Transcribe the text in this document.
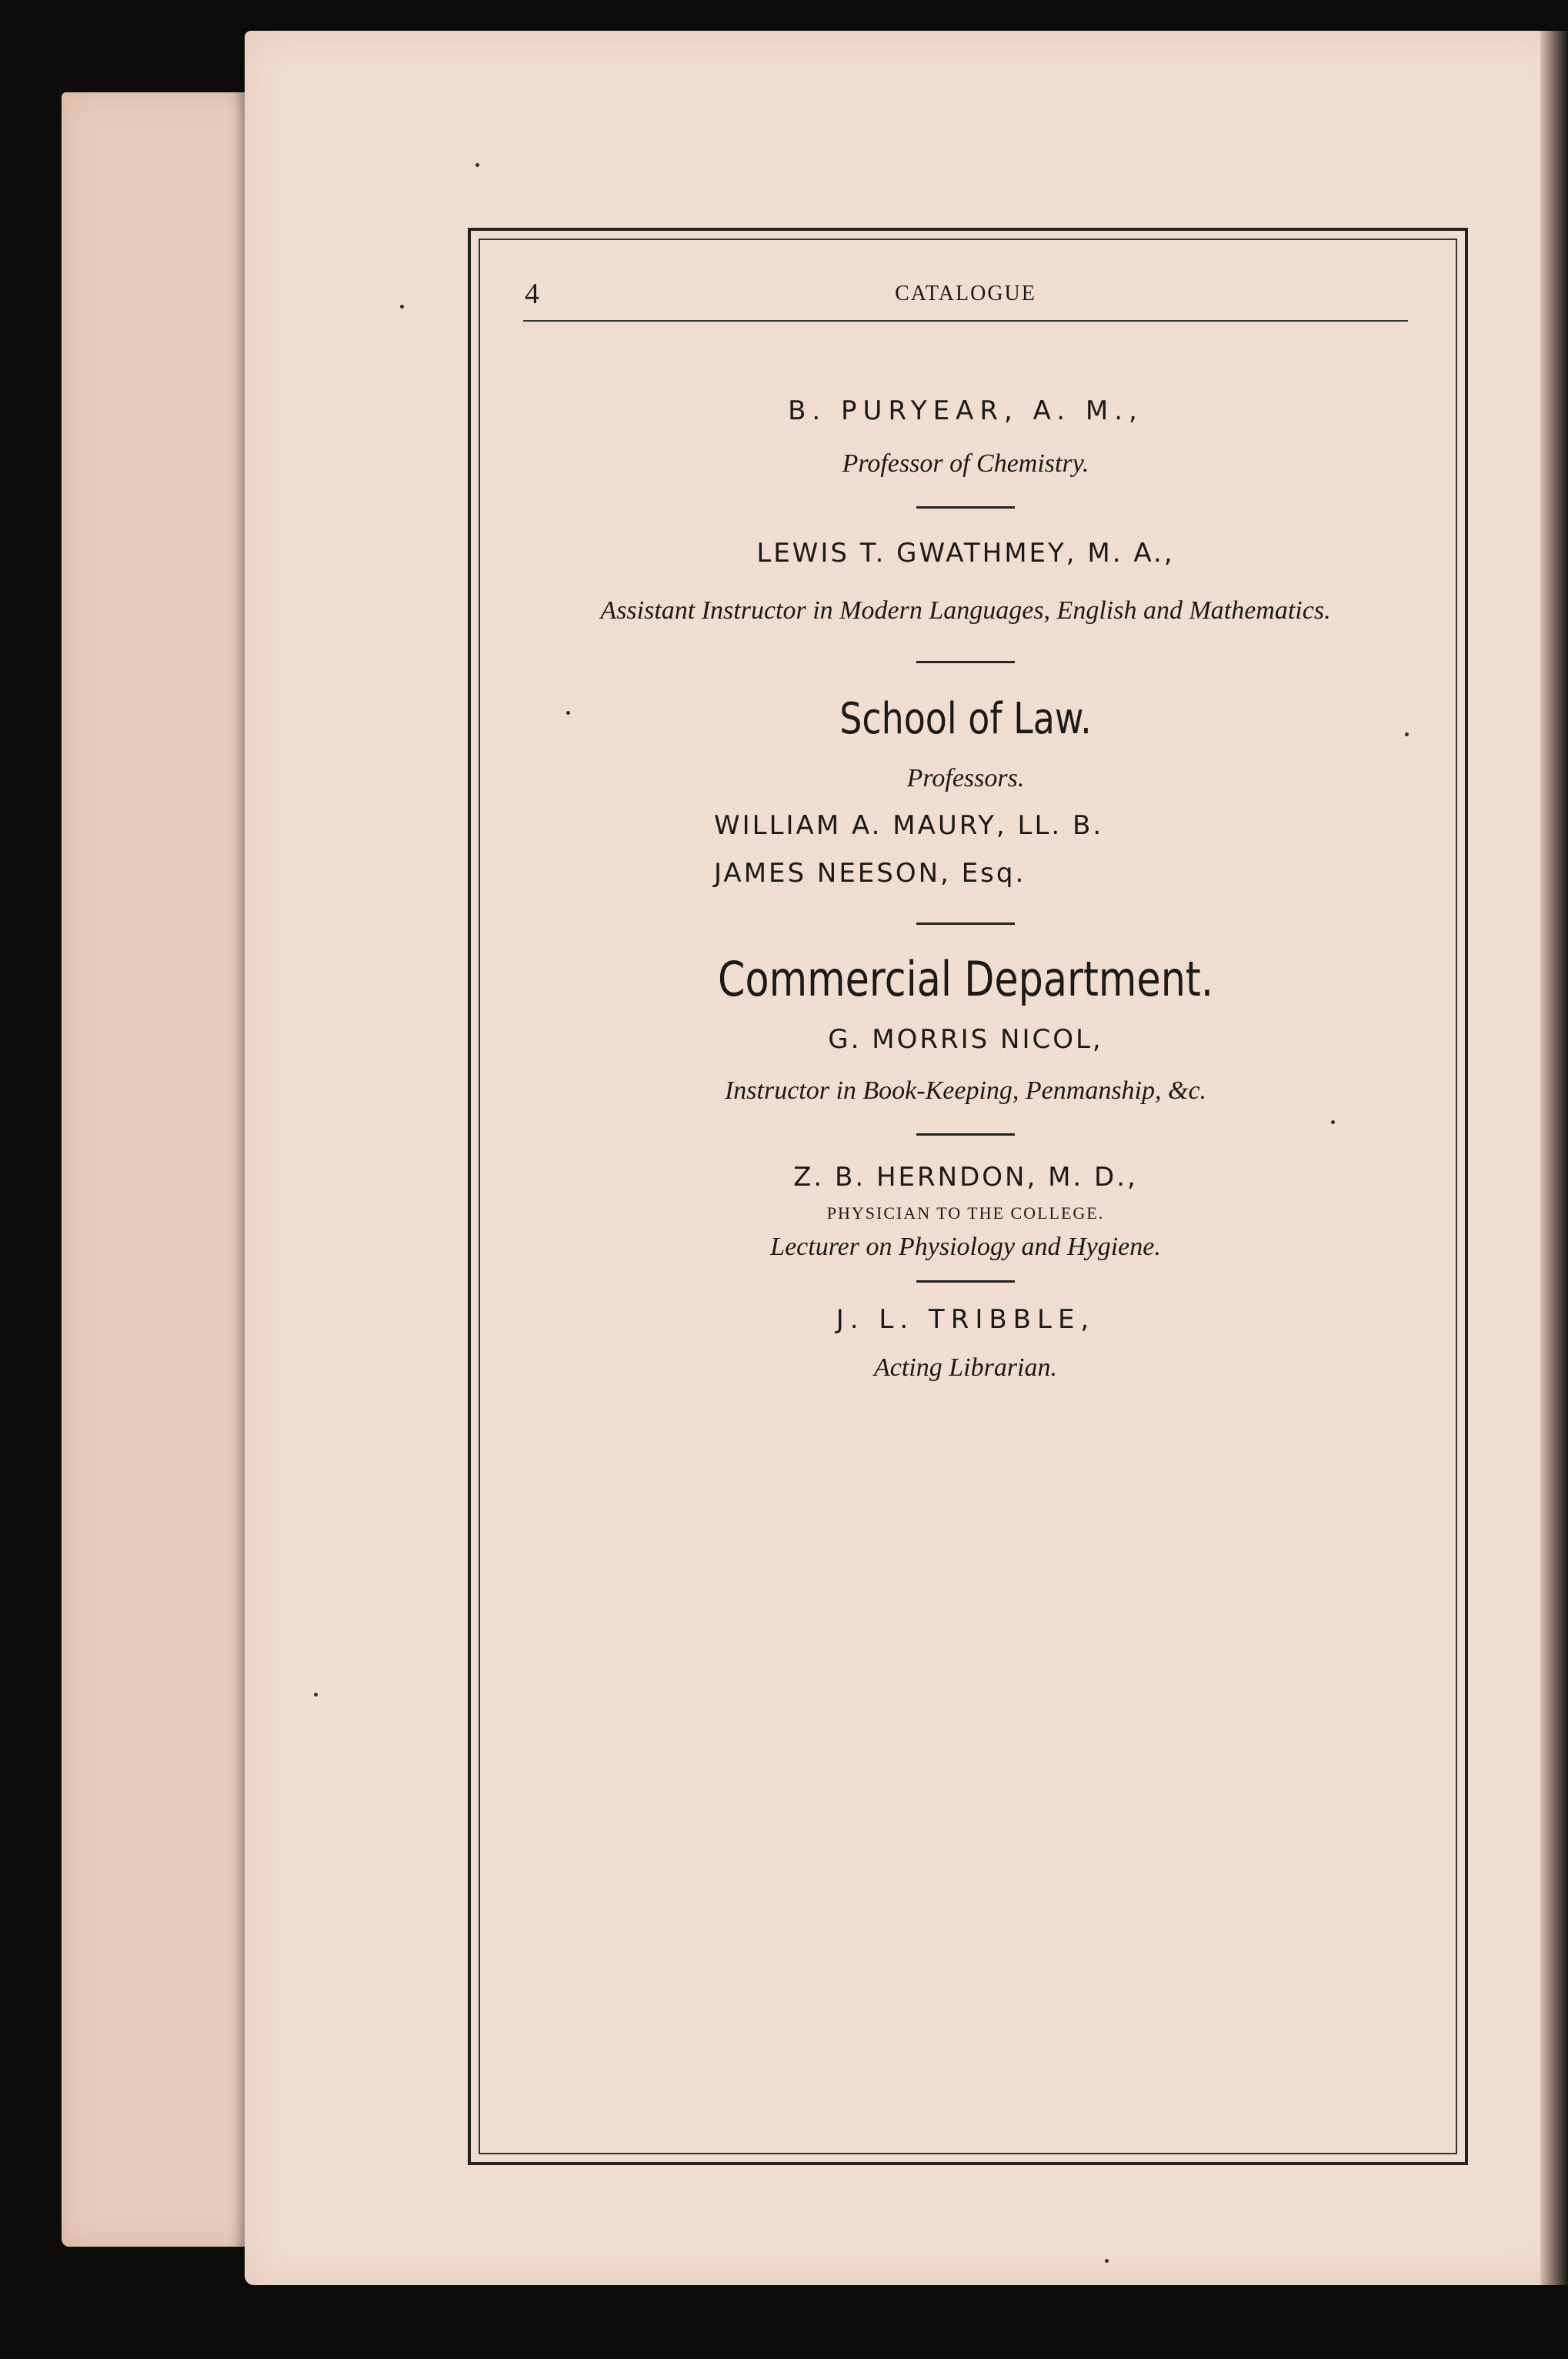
4	CATALOGUE
B. PURYEAR, A. M.,
Professor of Chemistry.
LEWIS T. GWATHMEY, M. A.,
Assistant Instructor in Modern Languages, English and Mathematics.
School of Law.
Professors.
WILLIAM A. MAURY, LL. B.
JAMES NEESON, Esq.
Commercial Department.
G. MORRIS NICOL,
Instructor in Book-Keeping, Penmanship, &c.
Z. B. HERNDON, M. D.,
PHYSICIAN TO THE COLLEGE.
Lecturer on Physiology and Hygiene.
J. L. TRIBBLE,
Acting Librarian.
